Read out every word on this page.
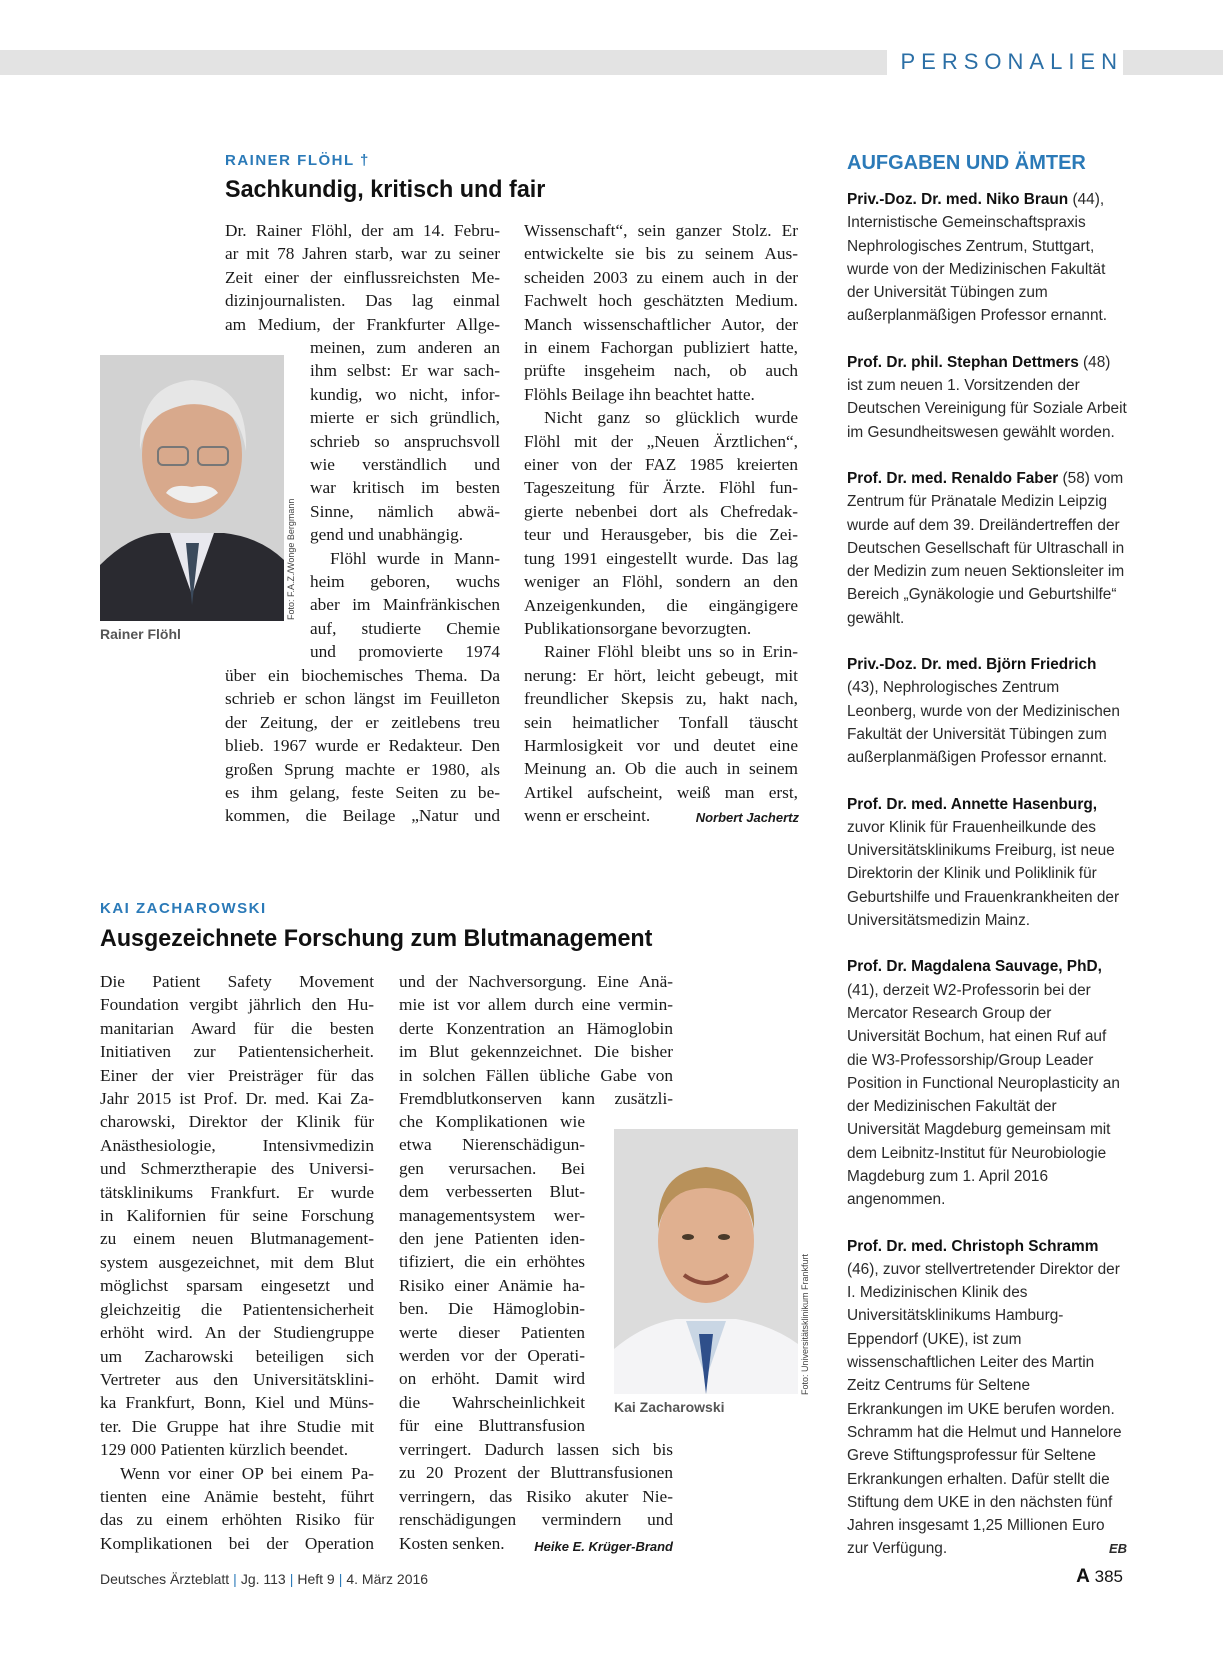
PERSONALIEN
RAINER FLÖHL †
Sachkundig, kritisch und fair
Foto: F.A.Z./Wonge Bergmann
Rainer Flöhl
Dr. Rainer Flöhl, der am 14. Febru-
ar mit 78 Jahren starb, war zu seiner
Zeit einer der einflussreichsten Me-
dizinjournalisten. Das lag einmal
am Medium, der Frankfurter Allge-
meinen, zum anderen an
ihm selbst: Er war sach-
kundig, wo nicht, infor-
mierte er sich gründlich,
schrieb so anspruchsvoll
wie verständlich und
war kritisch im besten
Sinne, nämlich abwä-
gend und unabhängig.
Flöhl wurde in Mann-
heim geboren, wuchs
aber im Mainfränkischen
auf, studierte Chemie
und promovierte 1974
über ein biochemisches Thema. Da
schrieb er schon längst im Feuilleton
der Zeitung, der er zeitlebens treu
blieb. 1967 wurde er Redakteur. Den
großen Sprung machte er 1980, als
es ihm gelang, feste Seiten zu be-
kommen, die Beilage „Natur und
Wissenschaft“, sein ganzer Stolz. Er
entwickelte sie bis zu seinem Aus-
scheiden 2003 zu einem auch in der
Fachwelt hoch geschätzten Medium.
Manch wissenschaftlicher Autor, der
in einem Fachorgan publiziert hatte,
prüfte insgeheim nach, ob auch
Flöhls Beilage ihn beachtet hatte.
Nicht ganz so glücklich wurde
Flöhl mit der „Neuen Ärztlichen“,
einer von der FAZ 1985 kreierten
Tageszeitung für Ärzte. Flöhl fun-
gierte nebenbei dort als Chefredak-
teur und Herausgeber, bis die Zei-
tung 1991 eingestellt wurde. Das lag
weniger an Flöhl, sondern an den
Anzeigenkunden, die eingängigere
Publikationsorgane bevorzugten.
Rainer Flöhl bleibt uns so in Erin-
nerung: Er hört, leicht gebeugt, mit
freundlicher Skepsis zu, hakt nach,
sein heimatlicher Tonfall täuscht
Harmlosigkeit vor und deutet eine
Meinung an. Ob die auch in seinem
Artikel aufscheint, weiß man erst,
wenn er erscheint.	Norbert Jachertz
KAI ZACHAROWSKI
Ausgezeichnete Forschung zum Blutmanagement
Die Patient Safety Movement
Foundation vergibt jährlich den Hu-
manitarian Award für die besten
Initiativen zur Patientensicherheit.
Einer der vier Preisträger für das
Jahr 2015 ist Prof. Dr. med. Kai Za-
charowski, Direktor der Klinik für
Anästhesiologie, Intensivmedizin
und Schmerztherapie des Universi-
tätsklinikums Frankfurt. Er wurde
in Kalifornien für seine Forschung
zu einem neuen Blutmanagement-
system ausgezeichnet, mit dem Blut
möglichst sparsam eingesetzt und
gleichzeitig die Patientensicherheit
erhöht wird. An der Studiengruppe
um Zacharowski beteiligen sich
Vertreter aus den Universitätsklini-
ka Frankfurt, Bonn, Kiel und Müns-
ter. Die Gruppe hat ihre Studie mit
129 000 Patienten kürzlich beendet.
Wenn vor einer OP bei einem Pa-
tienten eine Anämie besteht, führt
das zu einem erhöhten Risiko für
Komplikationen bei der Operation
und der Nachversorgung. Eine Anä-
mie ist vor allem durch eine vermin-
derte Konzentration an Hämoglobin
im Blut gekennzeichnet. Die bisher
in solchen Fällen übliche Gabe von
Fremdblutkonserven kann zusätzli-
che Komplikationen wie
etwa Nierenschädigun-
gen verursachen. Bei
dem verbesserten Blut-
managementsystem wer-
den jene Patienten iden-
tifiziert, die ein erhöhtes
Risiko einer Anämie ha-
ben. Die Hämoglobin-
werte dieser Patienten
werden vor der Operati-
on erhöht. Damit wird
die Wahrscheinlichkeit
für eine Bluttransfusion
verringert. Dadurch lassen sich bis
zu 20 Prozent der Bluttransfusionen
verringern, das Risiko akuter Nie-
renschädigungen vermindern und
Kosten senken.	Heike E. Krüger-Brand
Foto: Universitätsklinikum Frankfurt
Kai Zacharowski
AUFGABEN UND ÄMTER
Priv.-Doz. Dr. med. Niko Braun (44), Internistische Gemeinschaftspraxis Nephrologisches Zentrum, Stuttgart, wurde von der Medizinischen Fakultät der Universität Tübingen zum außerplanmäßigen Professor ernannt.
Prof. Dr. phil. Stephan Dettmers (48) ist zum neuen 1. Vorsitzenden der Deutschen Vereinigung für Soziale Arbeit im Gesundheitswesen gewählt worden.
Prof. Dr. med. Renaldo Faber (58) vom Zentrum für Pränatale Medizin Leipzig wurde auf dem 39. Dreiländertreffen der Deutschen Gesellschaft für Ultraschall in der Medizin zum neuen Sektionsleiter im Bereich „Gynäkologie und Geburtshilfe“ gewählt.
Priv.-Doz. Dr. med. Björn Friedrich (43), Nephrologisches Zentrum Leonberg, wurde von der Medizinischen Fakultät der Universität Tübingen zum außerplanmäßigen Professor ernannt.
Prof. Dr. med. Annette Hasenburg, zuvor Klinik für Frauenheilkunde des Universitätsklinikums Freiburg, ist neue Direktorin der Klinik und Poliklinik für Geburtshilfe und Frauenkrankheiten der Universitätsmedizin Mainz.
Prof. Dr. Magdalena Sauvage, PhD, (41), derzeit W2-Professorin bei der Mercator Research Group der Universität Bochum, hat einen Ruf auf die W3-Professorship/Group Leader Position in Functional Neuroplasticity an der Medizinischen Fakultät der Universität Magdeburg gemeinsam mit dem Leibnitz-Institut für Neurobiologie Magdeburg zum 1. April 2016 angenommen.
Prof. Dr. med. Christoph Schramm (46), zuvor stellvertretender Direktor der I. Medizinischen Klinik des Universitätsklinikums Hamburg-Eppendorf (UKE), ist zum wissenschaftlichen Leiter des Martin Zeitz Centrums für Seltene Erkrankungen im UKE berufen worden. Schramm hat die Helmut und Hannelore Greve Stiftungsprofessur für Seltene Erkrankungen erhalten. Dafür stellt die Stiftung dem UKE in den nächsten fünf Jahren insgesamt 1,25 Millionen Euro zur Verfügung.	EB
Deutsches Ärzteblatt | Jg. 113 | Heft 9 | 4. März 2016	A 385
